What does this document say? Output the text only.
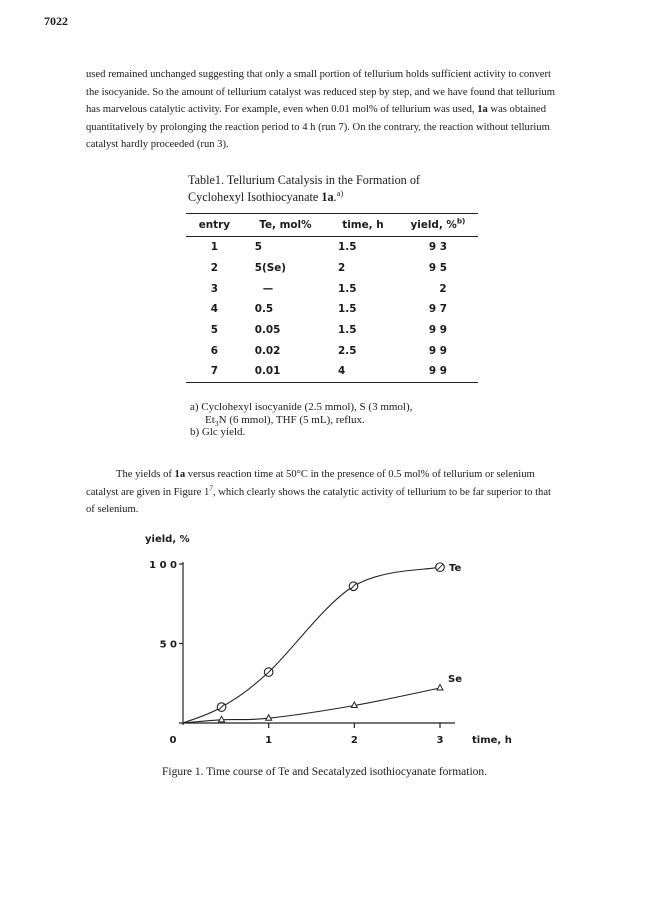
7022
used remained unchanged suggesting that only a small portion of tellurium holds sufficient activity to convert
the isocyanide. So the amount of tellurium catalyst was reduced step by step, and we have found that tellurium
has marvelous catalytic activity. For example, even when 0.01 mol% of tellurium was used, 1a was obtained
quantitatively by prolonging the reaction period to 4 h (run 7). On the contrary, the reaction without tellurium
catalyst hardly proceeded (run 3).
Table1. Tellurium Catalysis in the Formation of
Cyclohexyl Isothiocyanate 1a.$^{a)}$
entry	Te, mol%	time, h	yield, %$^{b)}$
1	5	1.5	9 3
2	5(Se)	2	9 5
3	—	1.5	2
4	0.5	1.5	9 7
5	0.05	1.5	9 9
6	0.02	2.5	9 9
7	0.01	4	9 9
a) Cyclohexyl isocyanide (2.5 mmol), S (3 mmol),
$Et_3N$ (6 mmol), THF (5 mL), reflux.
b) Glc yield.
The yields of 1a versus reaction time at 50°C in the presence of 0.5 mol% of tellurium or selenium
catalyst are given in Figure $1^7$, which clearly shows the catalytic activity of tellurium to be far superior to that
of selenium.
5 0
1 0 0
0	1	2	3
yield, %
time, h
Te
Se
Figure 1. Time course of Te and Secatalyzed isothiocyanate formation.
